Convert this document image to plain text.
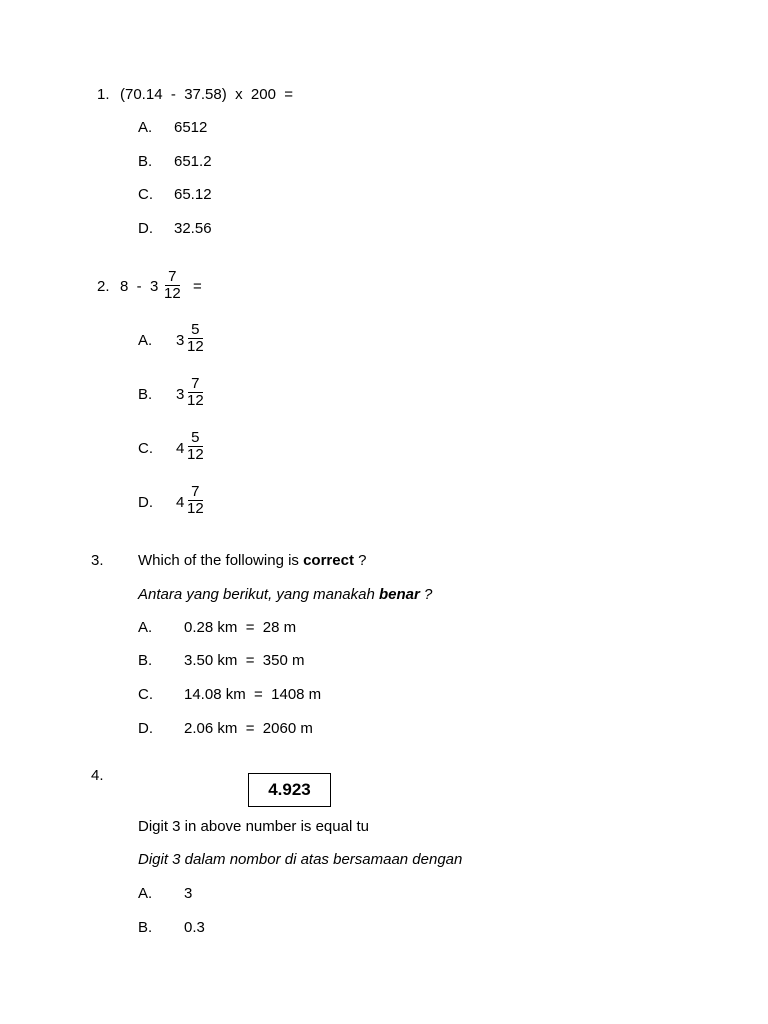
1. (70.14  -  37.58)  x  200  =
A. 6512
B. 651.2
C. 65.12
D. 32.56
2. $8 - 3 \frac{7}{12}$ =
A. $3 \frac{5}{12}$
B. $3 \frac{7}{12}$
C. $4 \frac{5}{12}$
D. $4 \frac{7}{12}$
3. Which of the following is correct ?
Antara yang berikut, yang manakah benar ?
A. 0.28 km  =  28 m
B. 3.50 km  =  350 m
C. 14.08 km  =  1408 m
D. 2.06 km  =  2060 m
4.
4.923
Digit 3 in above number is equal tu
Digit 3 dalam nombor di atas bersamaan dengan
A. 3
B. 0.3
